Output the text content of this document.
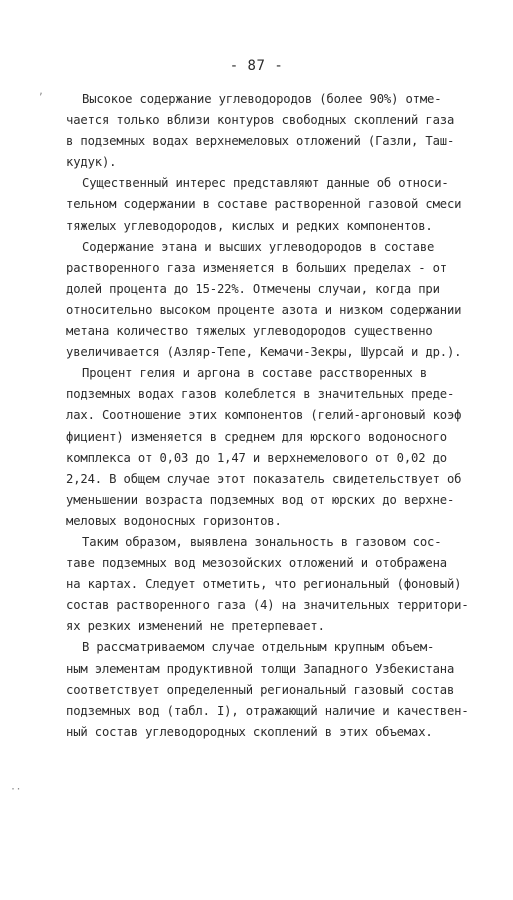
- 87 -

Высокое содержание углеводородов (более 90%) отме-

чается только вблизи контуров свободных скоплений газа

в подземных водах верхнемеловых отложений (Газли, Таш-

кудук).

Существенный интерес представляют данные об относи-

тельном содержании в составе растворенной газовой смеси

тяжелых углеводородов, кислых и редких компонентов.

Содержание этана и высших углеводородов в составе

растворенного газа изменяется в больших пределах - от

долей процента до 15-22%. Отмечены случаи, когда при

относительно высоком проценте азота и низком содержании

метана количество тяжелых углеводородов существенно

увеличивается (Азляр-Тепе, Кемачи-Зекры, Шурсай и др.).

Процент гелия и аргона в составе расстворенных в

подземных водах газов колеблется в значительных преде-

лах. Соотношение этих компонентов (гелий-аргоновый коэф

фициент) изменяется в среднем для юрского водоносного

комплекса от 0,03 до 1,47 и верхнемелового от 0,02 до

2,24. В общем случае этот показатель свидетельствует об

уменьшении возраста подземных вод от юрских до верхне-

меловых водоносных горизонтов.

Таким образом, выявлена зональность в газовом сос-

таве подземных вод мезозойских отложений и отображена

на картах. Следует отметить, что региональный (фоновый)

состав растворенного газа (4) на значительных территори-

ях резких изменений не претерпевает.

В рассматриваемом случае отдельным крупным объем-

ным элементам продуктивной толщи Западного Узбекистана

соответствует определенный региональный газовый состав

подземных вод (табл. I), отражающий наличие и качествен-

ный состав углеводородных скоплений в этих объемах.

,
··
